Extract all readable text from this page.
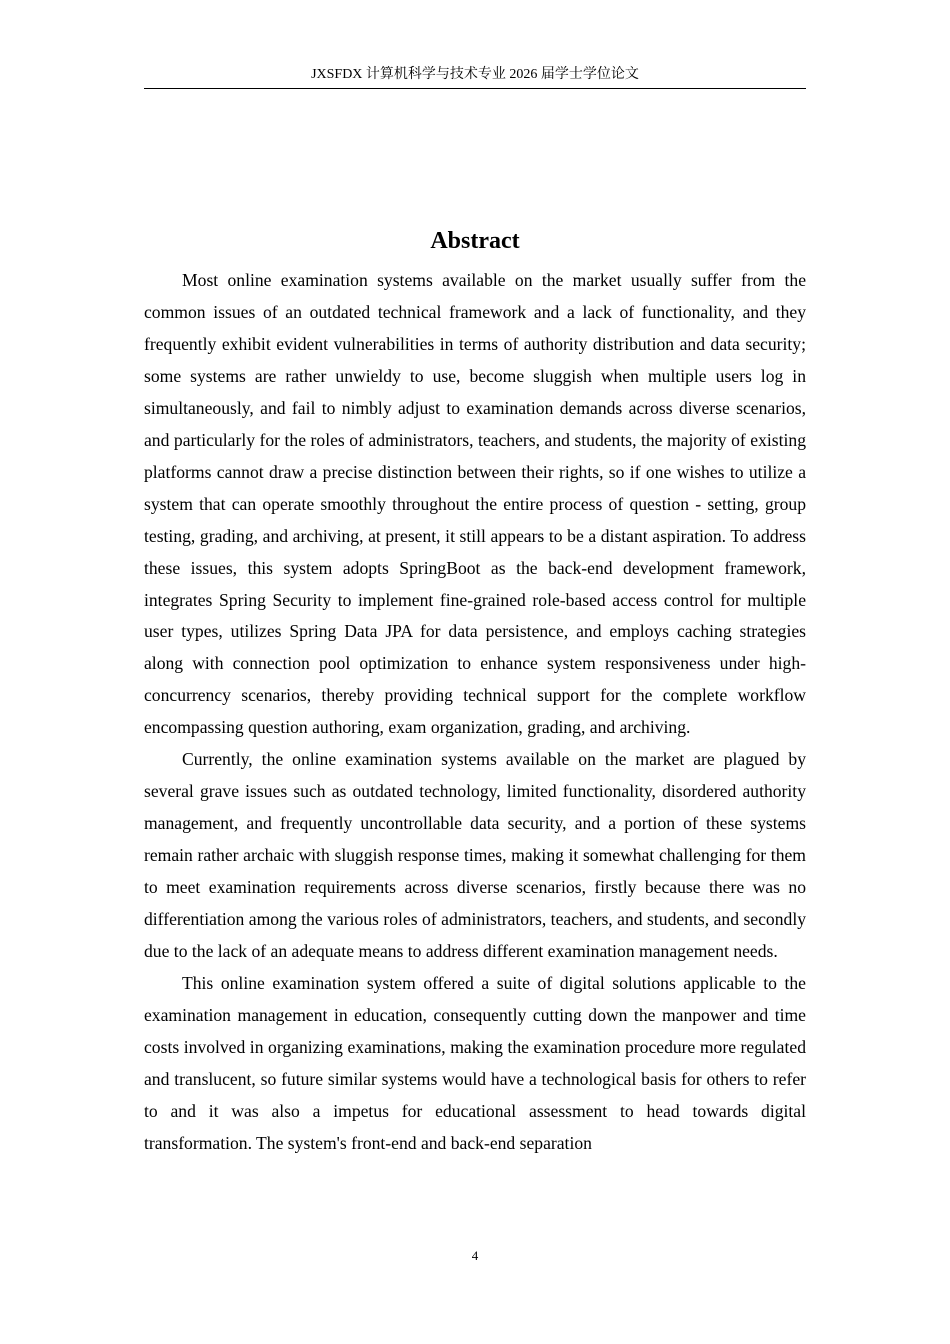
JXSFDX 计算机科学与技术专业 2026 届学士学位论文
Abstract

Most online examination systems available on the market usually suffer from the common issues of an outdated technical framework and a lack of functionality, and they frequently exhibit evident vulnerabilities in terms of authority distribution and data security; some systems are rather unwieldy to use, become sluggish when multiple users log in simultaneously, and fail to nimbly adjust to examination demands across diverse scenarios, and particularly for the roles of administrators, teachers, and students, the majority of existing platforms cannot draw a precise distinction between their rights, so if one wishes to utilize a system that can operate smoothly throughout the entire process of question - setting, group testing, grading, and archiving, at present, it still appears to be a distant aspiration. To address these issues, this system adopts SpringBoot as the back-end development framework, integrates Spring Security to implement fine-grained role-based access control for multiple user types, utilizes Spring Data JPA for data persistence, and employs caching strategies along with connection pool optimization to enhance system responsiveness under high-concurrency scenarios, thereby providing technical support for the complete workflow encompassing question authoring, exam organization, grading, and archiving.

Currently, the online examination systems available on the market are plagued by several grave issues such as outdated technology, limited functionality, disordered authority management, and frequently uncontrollable data security, and a portion of these systems remain rather archaic with sluggish response times, making it somewhat challenging for them to meet examination requirements across diverse scenarios, firstly because there was no differentiation among the various roles of administrators, teachers, and students, and secondly due to the lack of an adequate means to address different examination management needs.

This online examination system offered a suite of digital solutions applicable to the examination management in education, consequently cutting down the manpower and time costs involved in organizing examinations, making the examination procedure more regulated and translucent, so future similar systems would have a technological basis for others to refer to and it was also a impetus for educational assessment to head towards digital transformation. The system's front-end and back-end separation

4
